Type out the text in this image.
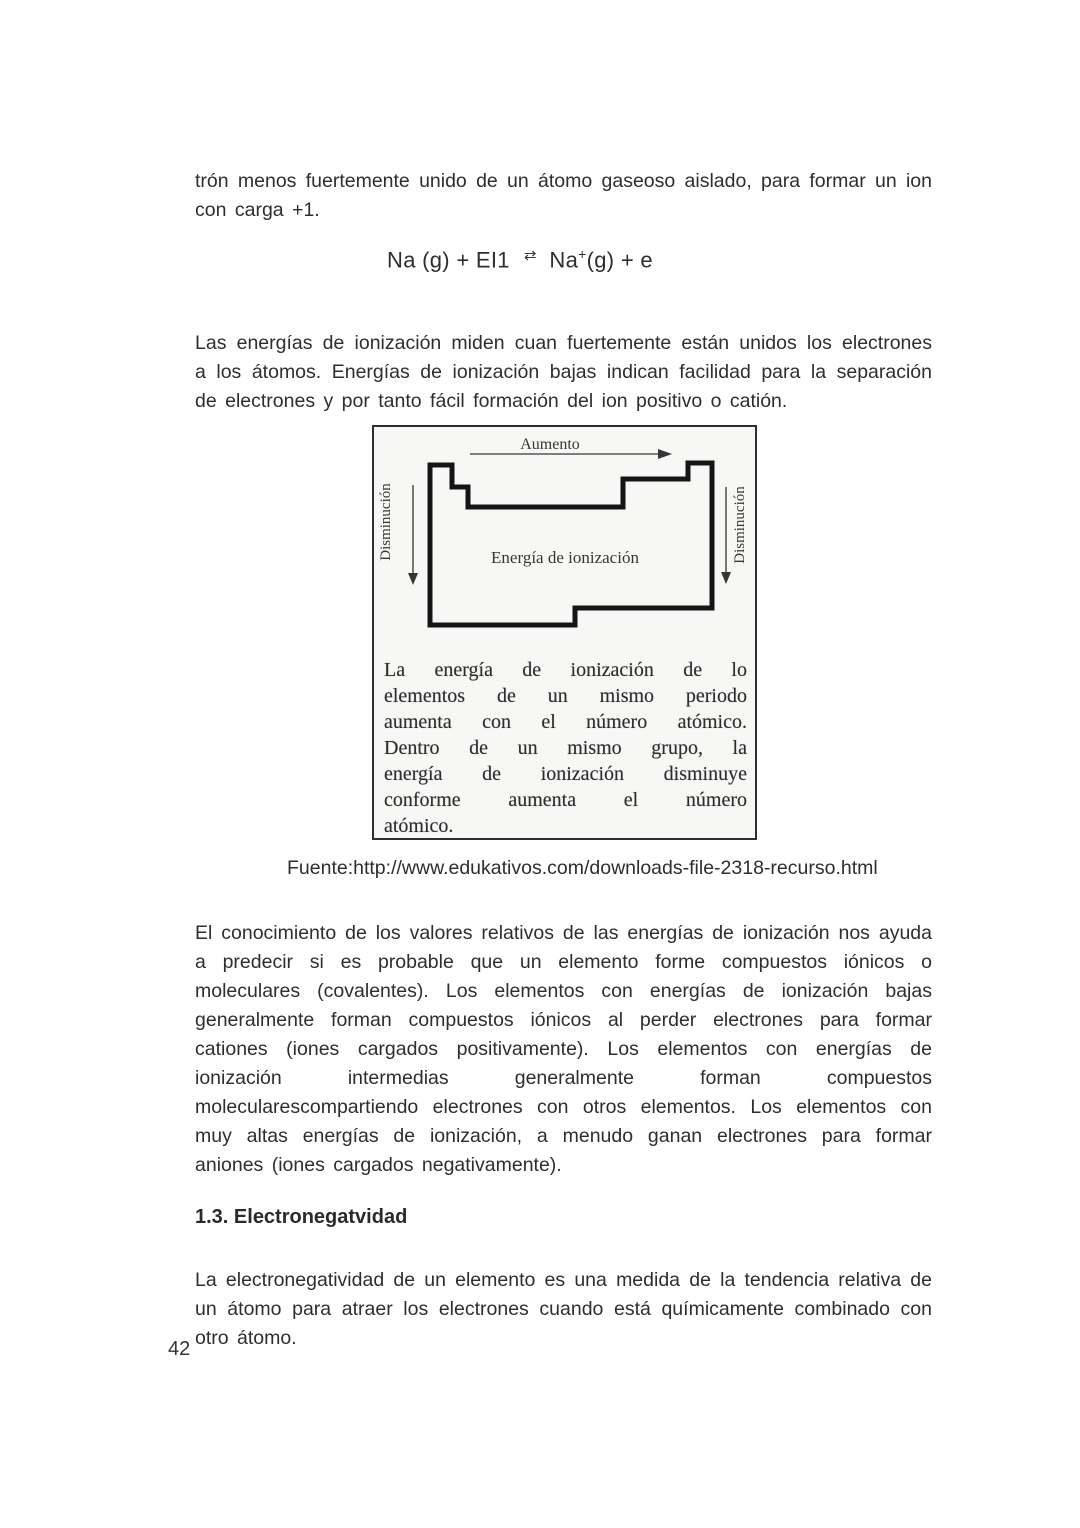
trón menos fuertemente unido de un átomo gaseoso aislado, para formar un ion con carga +1.

Na (g) + EI1 ⇄ Na+(g) + e

Las energías de ionización miden cuan fuertemente están unidos los electrones a los átomos. Energías de ionización bajas indican facilidad para la separación de electrones y por tanto fácil formación del ion positivo o catión.

Aumento
Disminución	Disminución
Energía de ionización
La energía de ionización de lo
elementos de un mismo periodo
aumenta con el número atómico.
Dentro de un mismo grupo, la
energía de ionización disminuye
conforme aumenta el número
atómico.
Fuente:http://www.edukativos.com/downloads-file-2318-recurso.html

El conocimiento de los valores relativos de las energías de ionización nos ayuda a predecir si es probable que un elemento forme compuestos iónicos o moleculares (covalentes). Los elementos con energías de ionización bajas generalmente forman compuestos iónicos al perder electrones para formar cationes (iones cargados positivamente). Los elementos con energías de ionización intermedias generalmente forman compuestos molecularescompartiendo electrones con otros elementos. Los elementos con muy altas energías de ionización, a menudo ganan electrones para formar aniones (iones cargados negativamente).

1.3. Electronegatvidad

La electronegatividad de un elemento es una medida de la tendencia relativa de un átomo para atraer los electrones cuando está químicamente combinado con otro átomo.

42
